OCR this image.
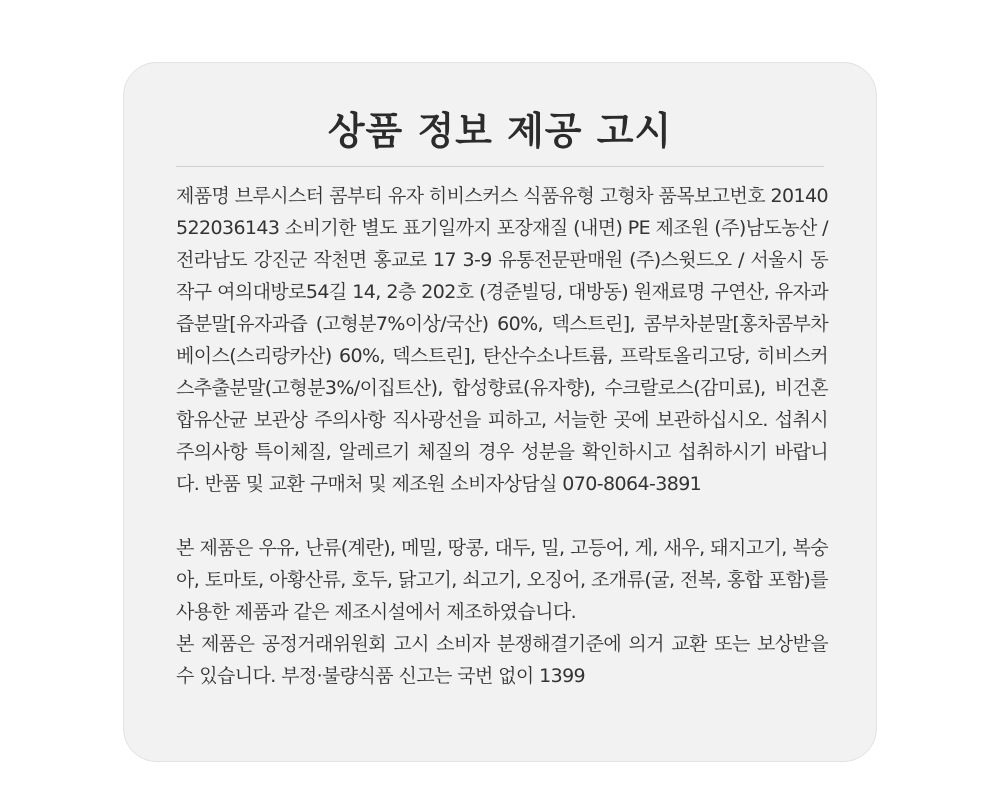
상품 정보 제공 고시

제품명 브루시스터 콤부티 유자 히비스커스 식품유형 고형차 품목보고번호 20140522036143 소비기한 별도 표기일까지 포장재질 (내면) PE 제조원 (주)남도농산 / 전라남도 강진군 작천면 홍교로 17 3-9 유통전문판매원 (주)스윗드오 / 서울시 동작구 여의대방로54길 14, 2층 202호 (경준빌딩, 대방동) 원재료명 구연산, 유자과즙분말[유자과즙 (고형분7%이상/국산) 60%, 덱스트린], 콤부차분말[홍차콤부차 베이스(스리랑카산) 60%, 덱스트린], 탄산수소나트륨, 프락토올리고당, 히비스커스추출분말(고형분3%/이집트산), 합성향료(유자향), 수크랄로스(감미료), 비건혼합유산균 보관상 주의사항 직사광선을 피하고, 서늘한 곳에 보관하십시오. 섭취시 주의사항 특이체질, 알레르기 체질의 경우 성분을 확인하시고 섭취하시기 바랍니다. 반품 및 교환 구매처 및 제조원 소비자상담실 070-8064-3891

본 제품은 우유, 난류(계란), 메밀, 땅콩, 대두, 밀, 고등어, 게, 새우, 돼지고기, 복숭아, 토마토, 아황산류, 호두, 닭고기, 쇠고기, 오징어, 조개류(굴, 전복, 홍합 포함)를 사용한 제품과 같은 제조시설에서 제조하였습니다.

본 제품은 공정거래위원회 고시 소비자 분쟁해결기준에 의거 교환 또는 보상받을 수 있습니다. 부정·불량식품 신고는 국번 없이 1399
